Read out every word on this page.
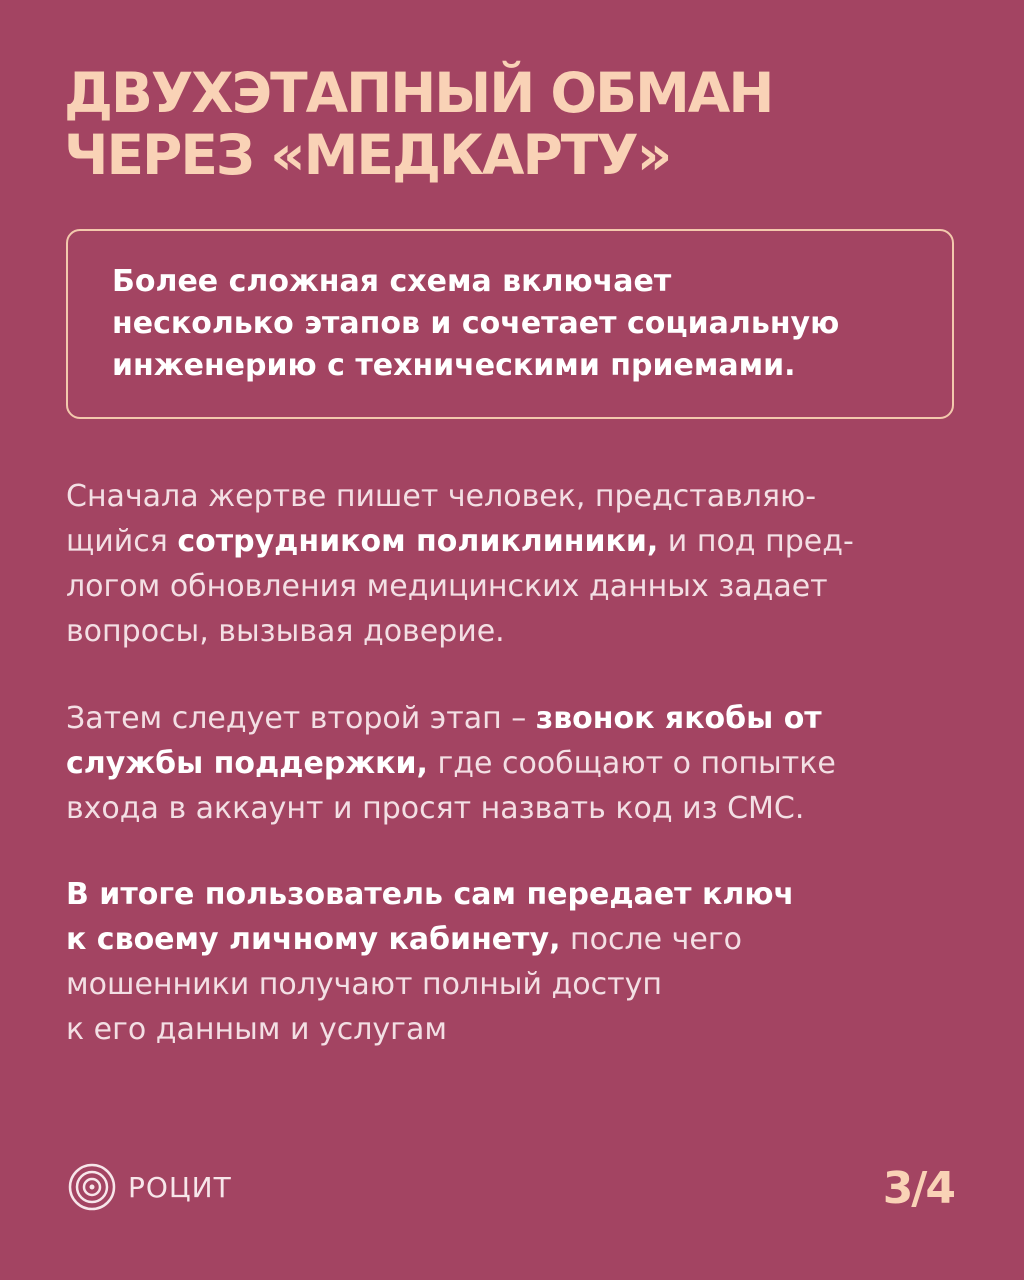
ДВУХЭТАПНЫЙ ОБМАН
ЧЕРЕЗ «МЕДКАРТУ»

Более сложная схема включает
несколько этапов и сочетает социальную
инженерию с техническими приемами.

Сначала жертве пишет человек, представляю-
щийся сотрудником поликлиники, и под пред-
логом обновления медицинских данных задает
вопросы, вызывая доверие.
Затем следует второй этап – звонок якобы от
службы поддержки, где сообщают о попытке
входа в аккаунт и просят назвать код из СМС.
В итоге пользователь сам передает ключ
к своему личному кабинету, после чего
мошенники получают полный доступ
к его данным и услугам
РОЦИТ	3/4
